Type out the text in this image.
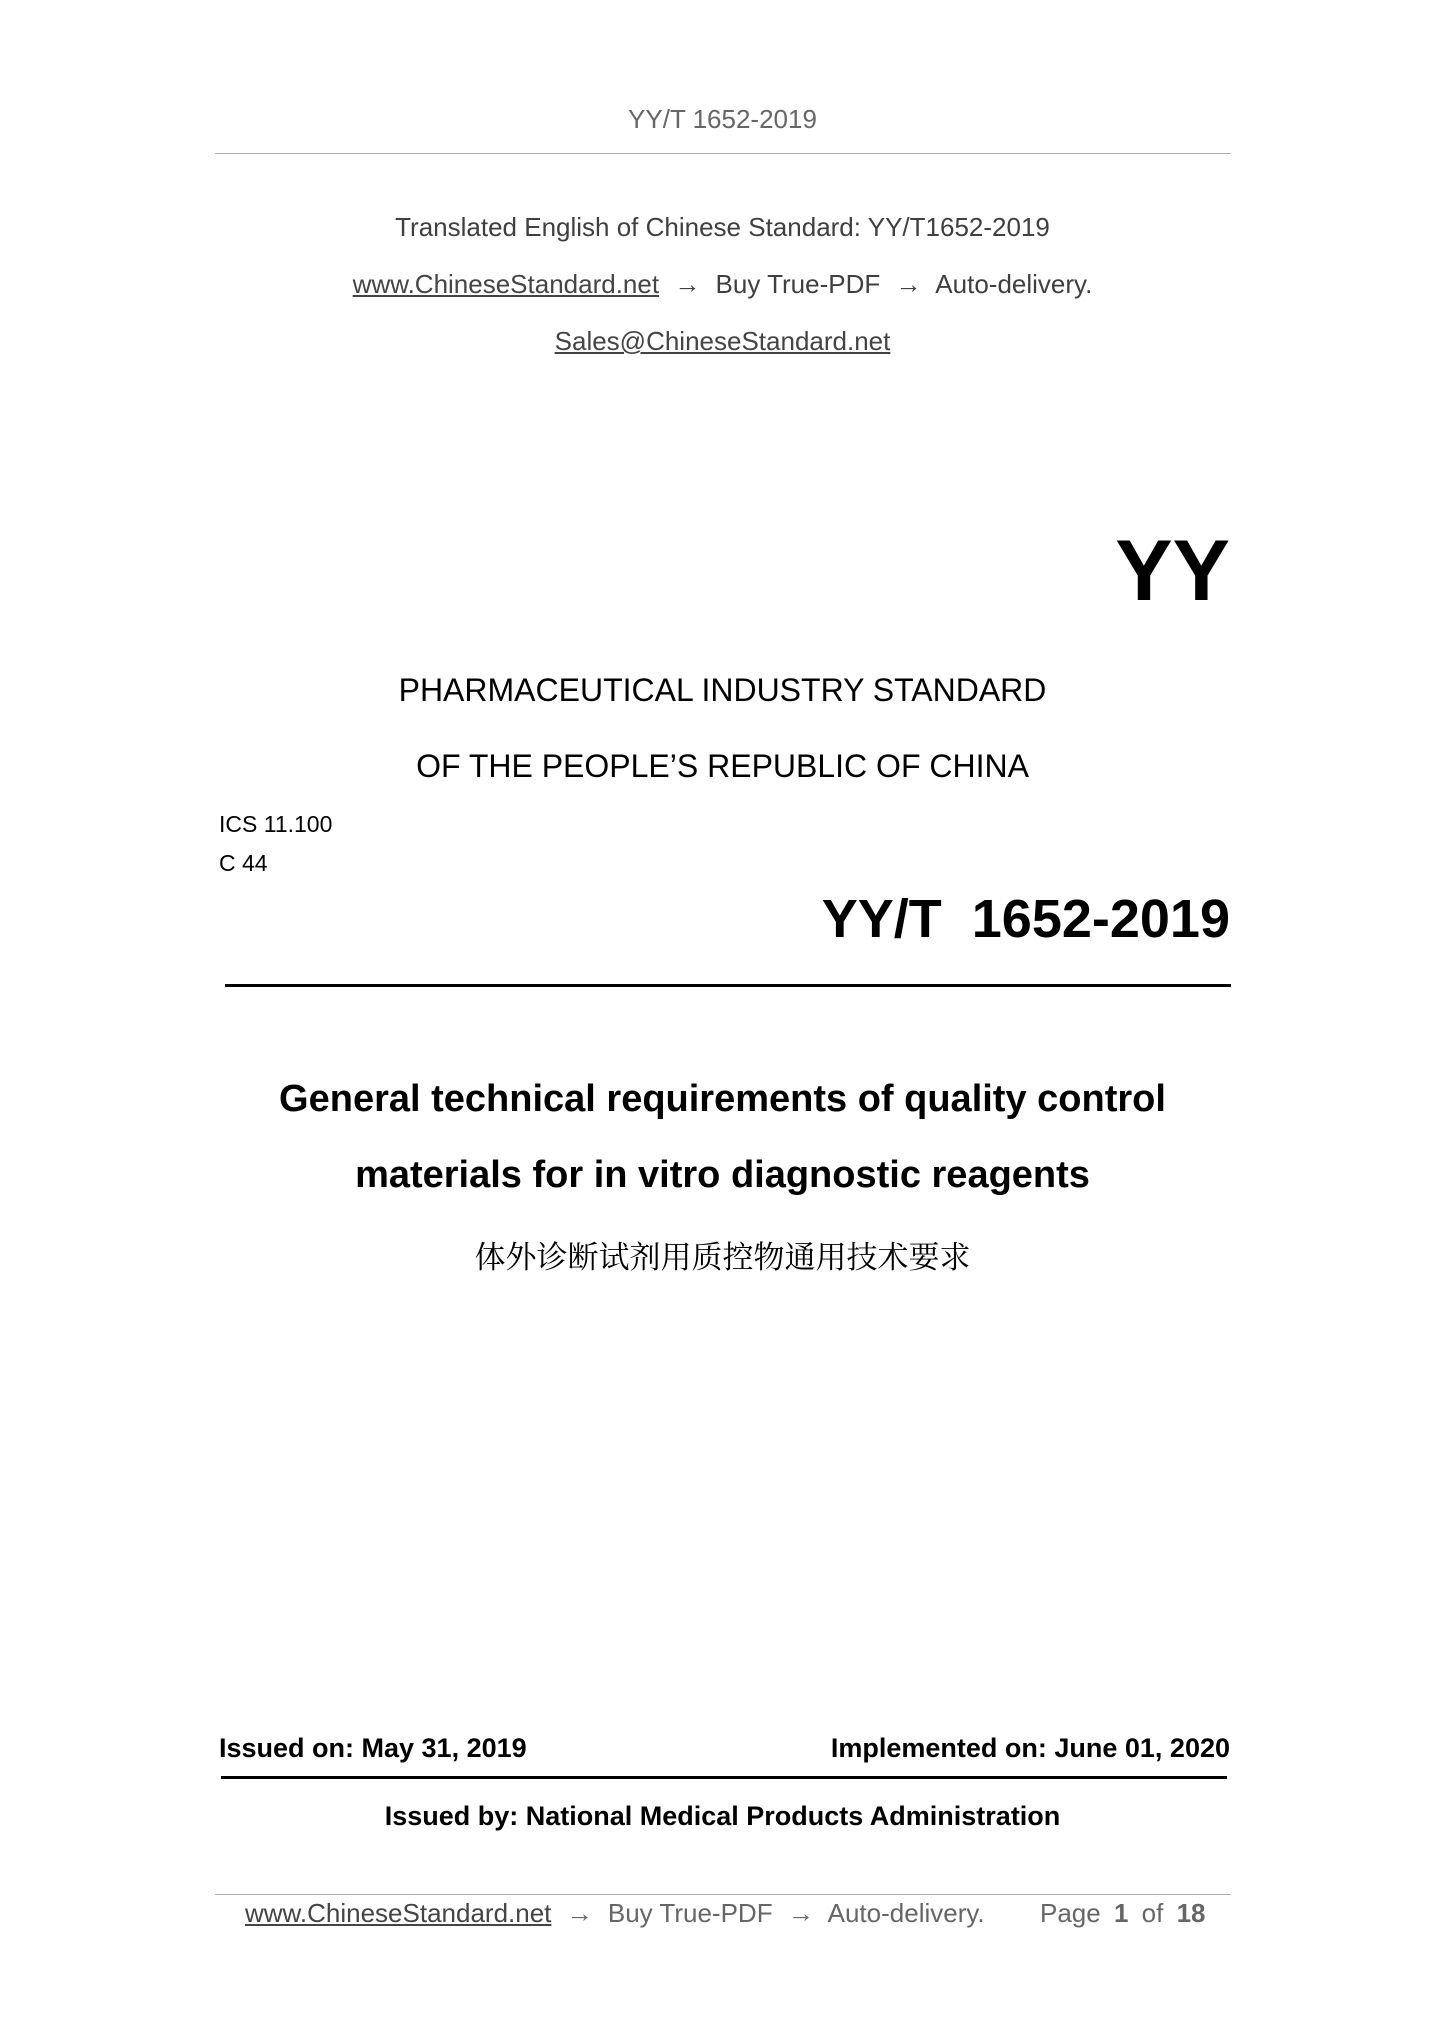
YY/T 1652-2019
Translated English of Chinese Standard: YY/T1652-2019
www.ChineseStandard.net → Buy True-PDF → Auto-delivery.
Sales@ChineseStandard.net
YY
PHARMACEUTICAL INDUSTRY STANDARD
OF THE PEOPLE’S REPUBLIC OF CHINA
ICS 11.100
C 44
YY/T  1652-2019
General technical requirements of quality control
materials for in vitro diagnostic reagents
体外诊断试剂用质控物通用技术要求
Issued on: May 31, 2019	Implemented on: June 01, 2020
Issued by: National Medical Products Administration
www.ChineseStandard.net → Buy True-PDF → Auto-delivery. Page 1 of 18
